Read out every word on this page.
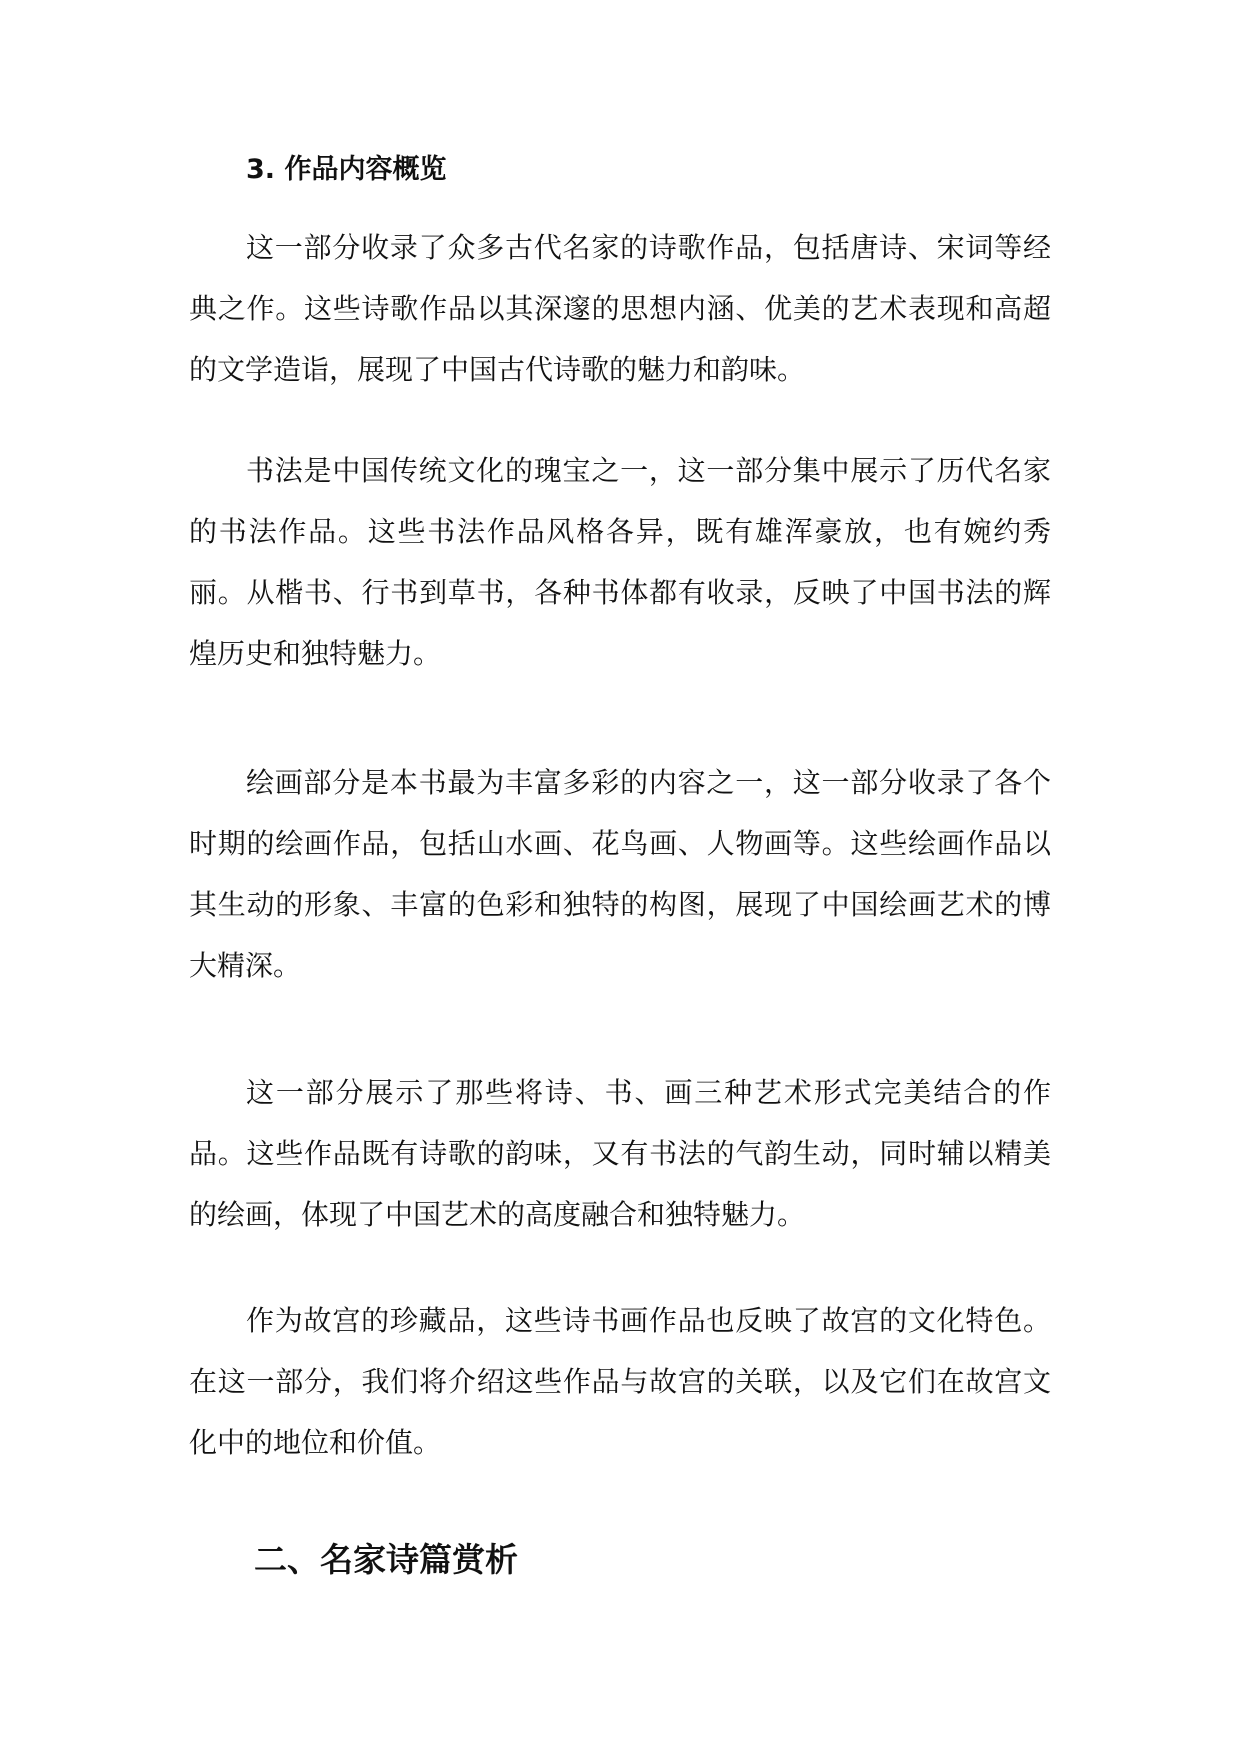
3. 作品内容概览

这一部分收录了众多古代名家的诗歌作品，包括唐诗、宋词等经典之作。这些诗歌作品以其深邃的思想内涵、优美的艺术表现和高超的文学造诣，展现了中国古代诗歌的魅力和韵味。

书法是中国传统文化的瑰宝之一，这一部分集中展示了历代名家的书法作品。这些书法作品风格各异，既有雄浑豪放，也有婉约秀丽。从楷书、行书到草书，各种书体都有收录，反映了中国书法的辉煌历史和独特魅力。

绘画部分是本书最为丰富多彩的内容之一，这一部分收录了各个时期的绘画作品，包括山水画、花鸟画、人物画等。这些绘画作品以其生动的形象、丰富的色彩和独特的构图，展现了中国绘画艺术的博大精深。

这一部分展示了那些将诗、书、画三种艺术形式完美结合的作品。这些作品既有诗歌的韵味，又有书法的气韵生动，同时辅以精美的绘画，体现了中国艺术的高度融合和独特魅力。

作为故宫的珍藏品，这些诗书画作品也反映了故宫的文化特色。在这一部分，我们将介绍这些作品与故宫的关联，以及它们在故宫文化中的地位和价值。

二、名家诗篇赏析
